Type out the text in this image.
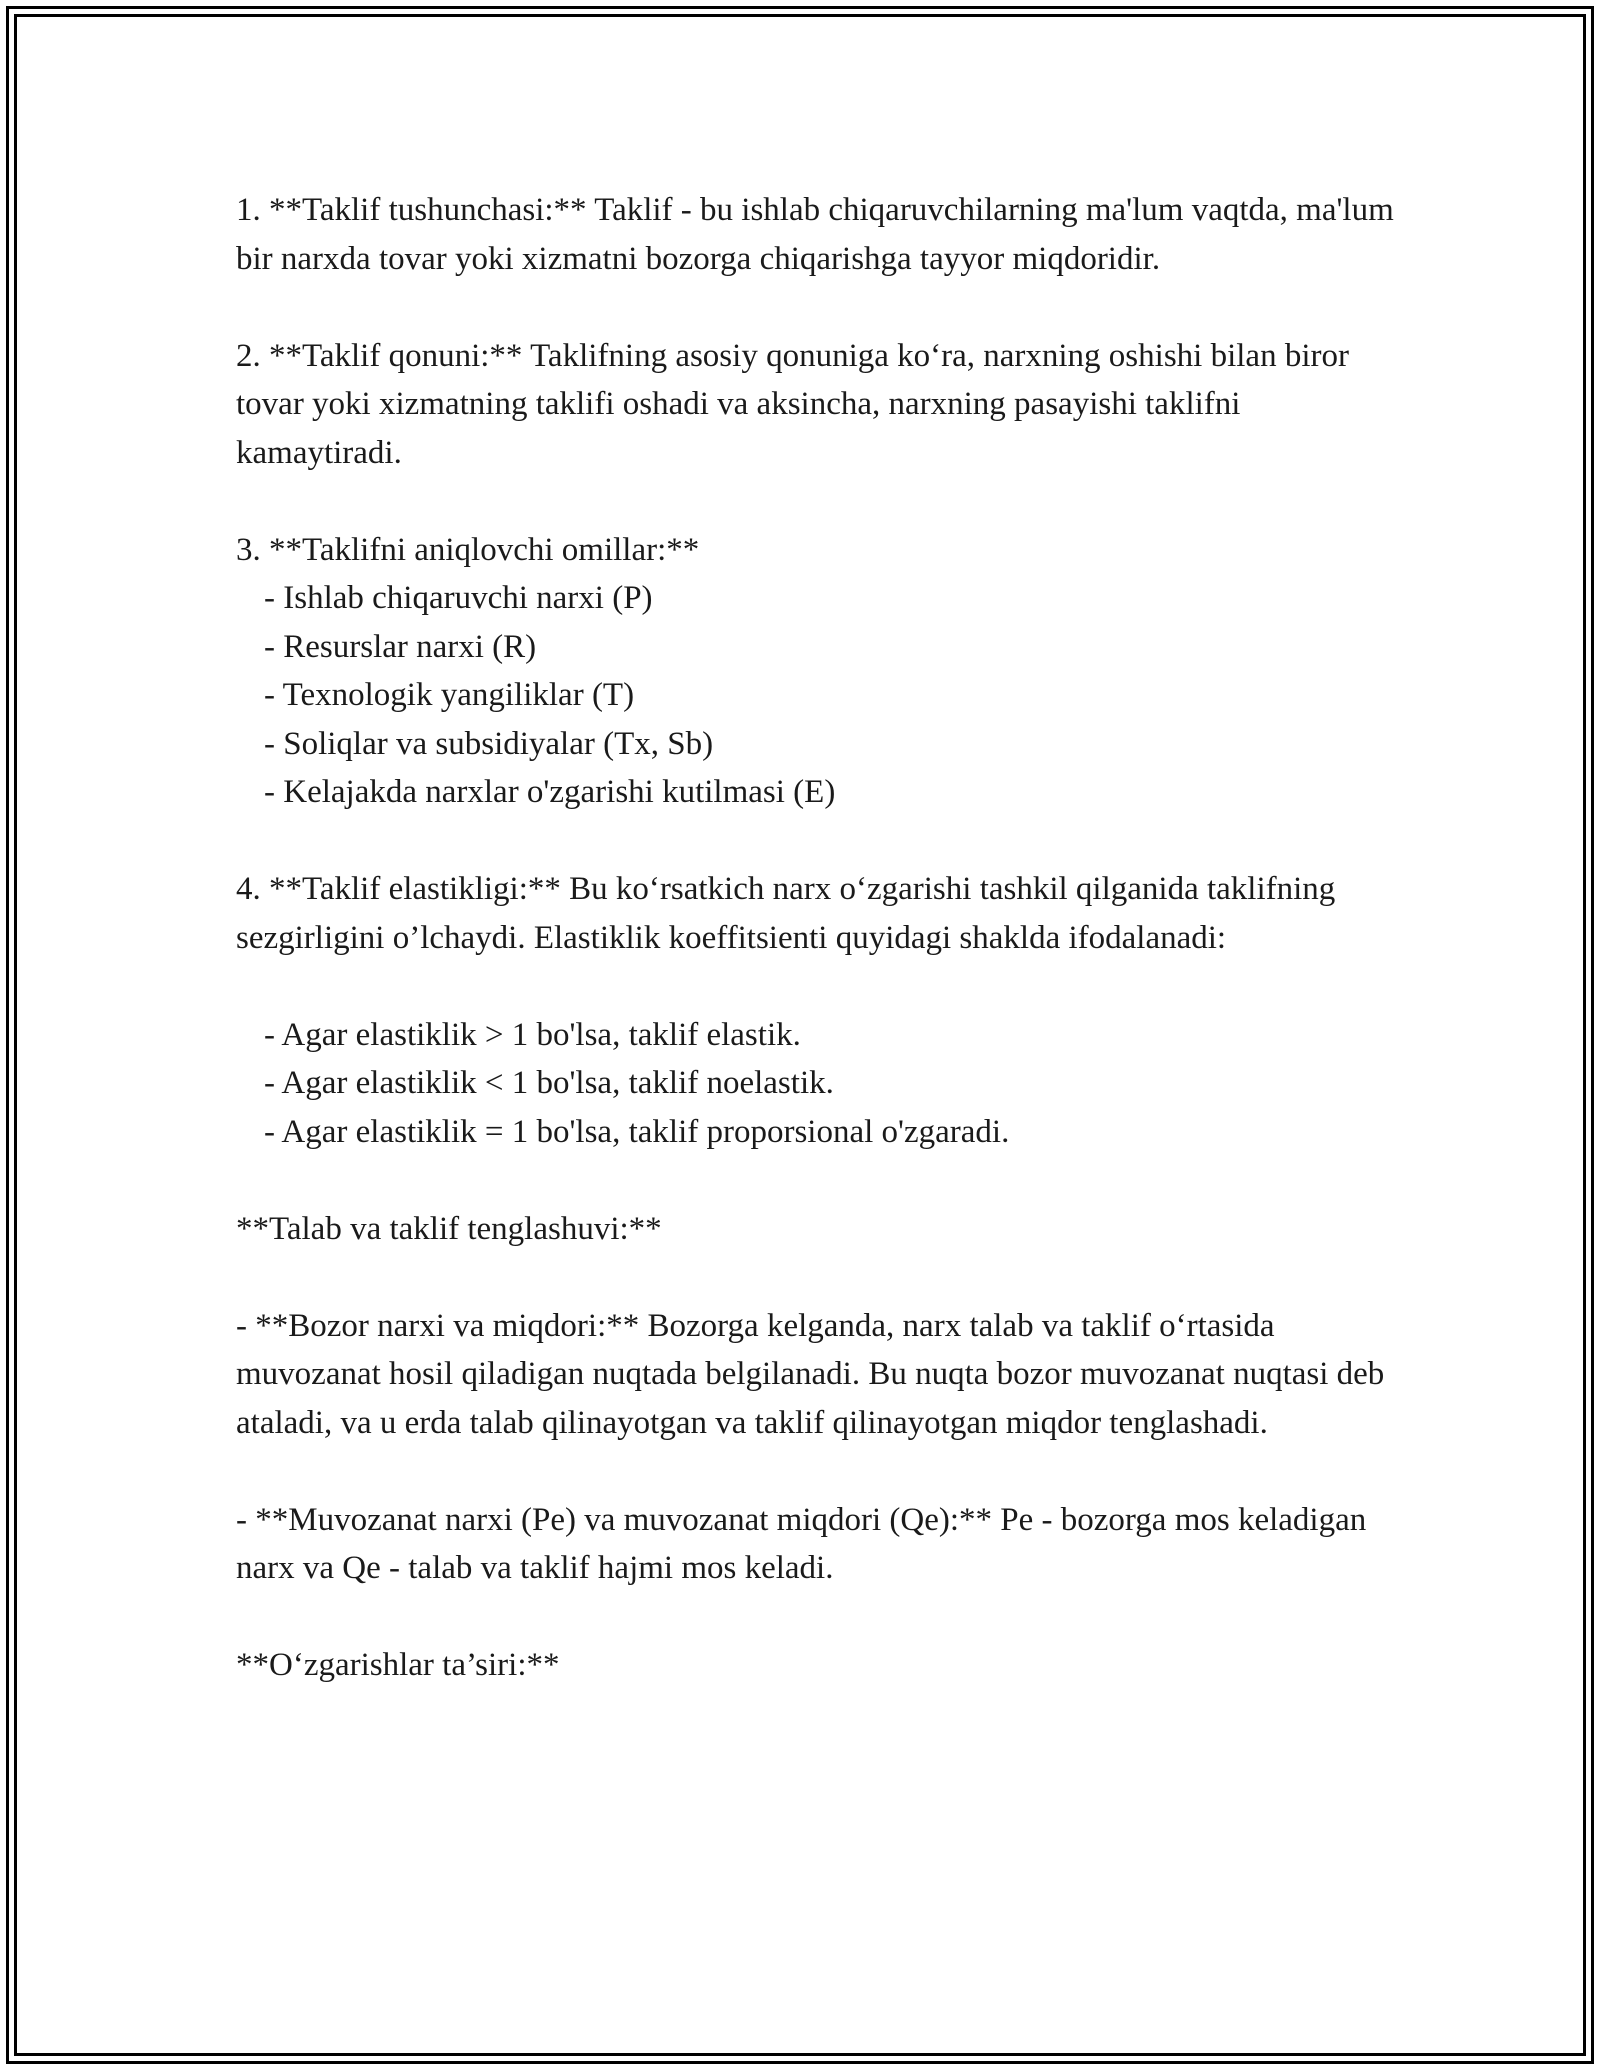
1. **Taklif tushunchasi:** Taklif - bu ishlab chiqaruvchilarning ma'lum vaqtda, ma'lum bir narxda tovar yoki xizmatni bozorga chiqarishga tayyor miqdoridir.

2. **Taklif qonuni:** Taklifning asosiy qonuniga ko‘ra, narxning oshishi bilan biror tovar yoki xizmatning taklifi oshadi va aksincha, narxning pasayishi taklifni kamaytiradi.

3. **Taklifni aniqlovchi omillar:**

- Ishlab chiqaruvchi narxi (P)

- Resurslar narxi (R)

- Texnologik yangiliklar (T)

- Soliqlar va subsidiyalar (Tx, Sb)

- Kelajakda narxlar o'zgarishi kutilmasi (E)

4. **Taklif elastikligi:** Bu ko‘rsatkich narx o‘zgarishi tashkil qilganida taklifning sezgirligini o’lchaydi. Elastiklik koeffitsienti quyidagi shaklda ifodalanadi:

- Agar elastiklik > 1 bo'lsa, taklif elastik.

- Agar elastiklik < 1 bo'lsa, taklif noelastik.

- Agar elastiklik = 1 bo'lsa, taklif proporsional o'zgaradi.

**Talab va taklif tenglashuvi:**

- **Bozor narxi va miqdori:** Bozorga kelganda, narx talab va taklif o‘rtasida muvozanat hosil qiladigan nuqtada belgilanadi. Bu nuqta bozor muvozanat nuqtasi deb ataladi, va u erda talab qilinayotgan va taklif qilinayotgan miqdor tenglashadi.

- **Muvozanat narxi (Pe) va muvozanat miqdori (Qe):** Pe - bozorga mos keladigan narx va Qe - talab va taklif hajmi mos keladi.

**O‘zgarishlar ta’siri:**
